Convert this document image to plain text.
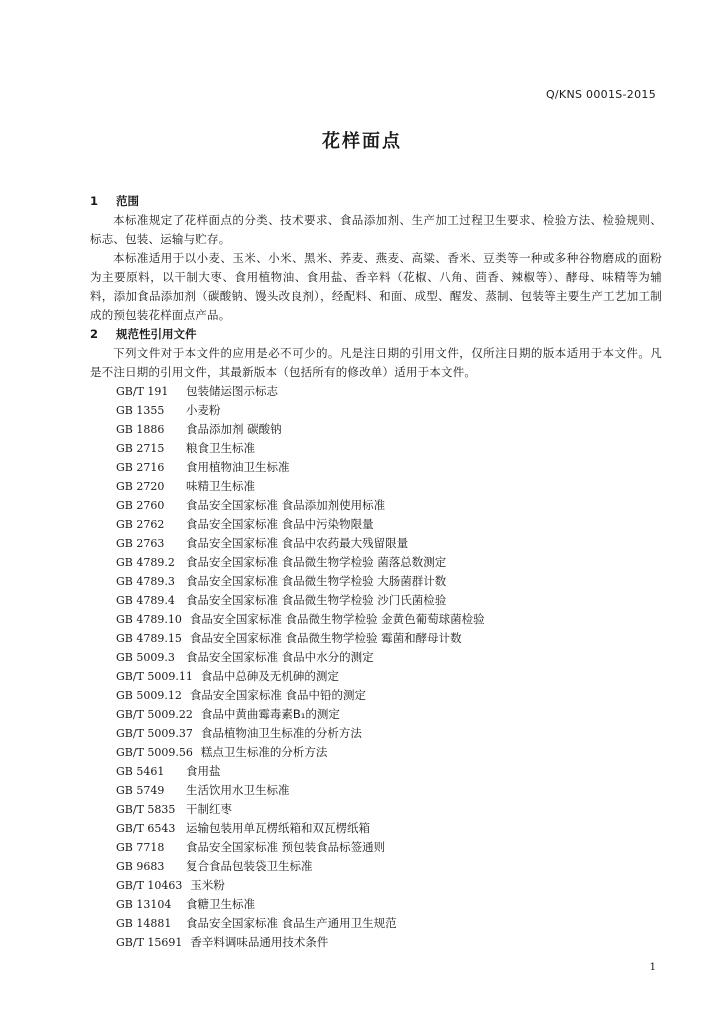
Q/KNS 0001S-2015
花样面点
1	范围
本标准规定了花样面点的分类、技术要求、食品添加剂、生产加工过程卫生要求、检验方法、检验规则、标志、包装、运输与贮存。
本标准适用于以小麦、玉米、小米、黑米、荞麦、燕麦、高粱、香米、豆类等一种或多种谷物磨成的面粉为主要原料，以干制大枣、食用植物油、食用盐、香辛料（花椒、八角、茴香、辣椒等）、酵母、味精等为辅料，添加食品添加剂（碳酸钠、馒头改良剂），经配料、和面、成型、醒发、蒸制、包装等主要生产工艺加工制成的预包装花样面点产品。
2	规范性引用文件
下列文件对于本文件的应用是必不可少的。凡是注日期的引用文件，仅所注日期的版本适用于本文件。凡是不注日期的引用文件，其最新版本（包括所有的修改单）适用于本文件。
GB/T 191	包装储运图示标志
GB 1355	小麦粉
GB 1886	食品添加剂 碳酸钠
GB 2715	粮食卫生标准
GB 2716	食用植物油卫生标准
GB 2720	味精卫生标准
GB 2760	食品安全国家标准 食品添加剂使用标准
GB 2762	食品安全国家标准 食品中污染物限量
GB 2763	食品安全国家标准 食品中农药最大残留限量
GB 4789.2 食品安全国家标准 食品微生物学检验 菌落总数测定
GB 4789.3 食品安全国家标准 食品微生物学检验 大肠菌群计数
GB 4789.4 食品安全国家标准 食品微生物学检验 沙门氏菌检验
GB 4789.10 食品安全国家标准 食品微生物学检验 金黄色葡萄球菌检验
GB 4789.15 食品安全国家标准 食品微生物学检验 霉菌和酵母计数
GB 5009.3 食品安全国家标准 食品中水分的测定
GB/T 5009.11 食品中总砷及无机砷的测定
GB 5009.12 食品安全国家标准 食品中铅的测定
GB/T 5009.22 食品中黄曲霉毒素B₁的测定
GB/T 5009.37 食品植物油卫生标准的分析方法
GB/T 5009.56 糕点卫生标准的分析方法
GB 5461	食用盐
GB 5749	生活饮用水卫生标准
GB/T 5835 干制红枣
GB/T 6543 运输包装用单瓦楞纸箱和双瓦楞纸箱
GB 7718	食品安全国家标准 预包装食品标签通则
GB 9683	复合食品包装袋卫生标准
GB/T 10463 玉米粉
GB 13104	食糖卫生标准
GB 14881	食品安全国家标准 食品生产通用卫生规范
GB/T 15691 香辛料调味品通用技术条件
1
